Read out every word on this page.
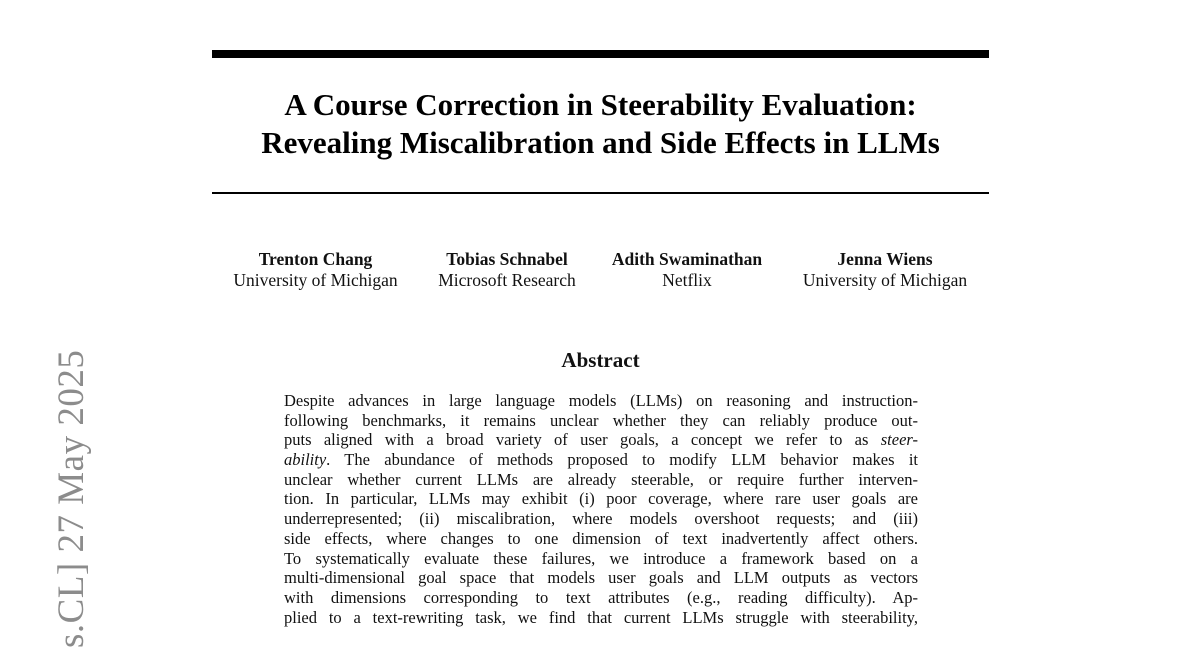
A Course Correction in Steerability Evaluation:
Revealing Miscalibration and Side Effects in LLMs
Trenton Chang
University of Michigan
Tobias Schnabel
Microsoft Research
Adith Swaminathan
Netflix
Jenna Wiens
University of Michigan
Abstract
Despite advances in large language models (LLMs) on reasoning and instruction-
following benchmarks, it remains unclear whether they can reliably produce out-
puts aligned with a broad variety of user goals, a concept we refer to as steer-
ability. The abundance of methods proposed to modify LLM behavior makes it
unclear whether current LLMs are already steerable, or require further interven-
tion. In particular, LLMs may exhibit (i) poor coverage, where rare user goals are
underrepresented; (ii) miscalibration, where models overshoot requests; and (iii)
side effects, where changes to one dimension of text inadvertently affect others.
To systematically evaluate these failures, we introduce a framework based on a
multi-dimensional goal space that models user goals and LLM outputs as vectors
with dimensions corresponding to text attributes (e.g., reading difficulty). Ap-
plied to a text-rewriting task, we find that current LLMs struggle with steerability,
s.CL] 27 May 2025
